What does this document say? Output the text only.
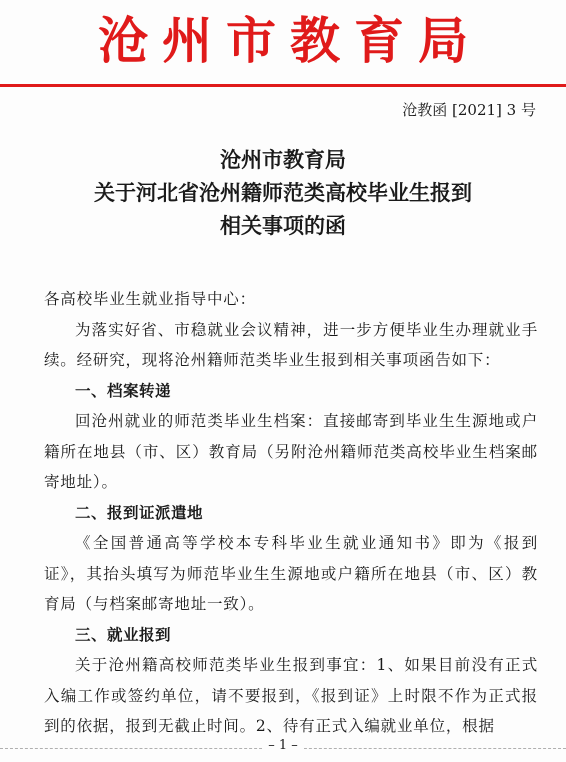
沧州市教育局
沧教函 [2021] 3 号
沧州市教育局
关于河北省沧州籍师范类高校毕业生报到
相关事项的函

各高校毕业生就业指导中心：

为落实好省、市稳就业会议精神，进一步方便毕业生办理就业手续。经研究，现将沧州籍师范类毕业生报到相关事项函告如下：

一、档案转递

回沧州就业的师范类毕业生档案：直接邮寄到毕业生生源地或户籍所在地县（市、区）教育局（另附沧州籍师范类高校毕业生档案邮寄地址）。

二、报到证派遣地

《全国普通高等学校本专科毕业生就业通知书》即为《报到证》，其抬头填写为师范毕业生生源地或户籍所在地县（市、区）教育局（与档案邮寄地址一致）。

三、就业报到

关于沧州籍高校师范类毕业生报到事宜：1、如果目前没有正式入编工作或签约单位，请不要报到，《报到证》上时限不作为正式报到的依据，报到无截止时间。2、待有正式入编就业单位，根据

– 1 –
